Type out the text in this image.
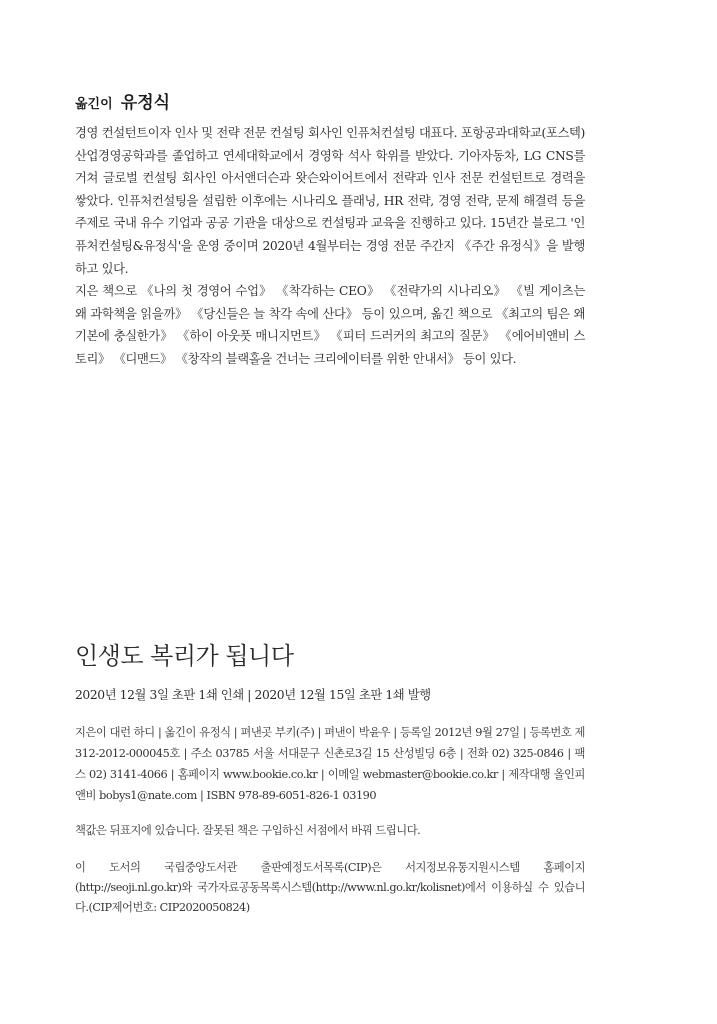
옮긴이 유정식

경영 컨설턴트이자 인사 및 전략 전문 컨설팅 회사인 인퓨처컨설팅 대표다. 포항공과대학교(포스텍) 산업경영공학과를 졸업하고 연세대학교에서 경영학 석사 학위를 받았다. 기아자동차, LG CNS를 거쳐 글로벌 컨설팅 회사인 아서앤더슨과 왓슨와이어트에서 전략과 인사 전문 컨설턴트로 경력을 쌓았다. 인퓨처컨설팅을 설립한 이후에는 시나리오 플래닝, HR 전략, 경영 전략, 문제 해결력 등을 주제로 국내 유수 기업과 공공 기관을 대상으로 컨설팅과 교육을 진행하고 있다. 15년간 블로그 '인퓨처컨설팅&유정식'을 운영 중이며 2020년 4월부터는 경영 전문 주간지 《주간 유정식》을 발행하고 있다.

지은 책으로 《나의 첫 경영어 수업》 《착각하는 CEO》 《전략가의 시나리오》 《빌 게이츠는 왜 과학책을 읽을까》 《당신들은 늘 착각 속에 산다》 등이 있으며, 옮긴 책으로 《최고의 팀은 왜 기본에 충실한가》 《하이 아웃풋 매니지먼트》 《피터 드러커의 최고의 질문》 《에어비앤비 스토리》 《디맨드》 《창작의 블랙홀을 건너는 크리에이터를 위한 안내서》 등이 있다.

인생도 복리가 됩니다

2020년 12월 3일 초판 1쇄 인쇄 | 2020년 12월 15일 초판 1쇄 발행

지은이 대런 하디 | 옮긴이 유정식 | 펴낸곳 부키(주) | 펴낸이 박윤우 | 등록일 2012년 9월 27일 | 등록번호 제312-2012-000045호 | 주소 03785 서울 서대문구 신촌로3길 15 산성빌딩 6층 | 전화 02) 325-0846 | 팩스 02) 3141-4066 | 홈페이지 www.bookie.co.kr | 이메일 webmaster@bookie.co.kr | 제작대행 올인피앤비 bobys1@nate.com | ISBN 978-89-6051-826-1 03190

책값은 뒤표지에 있습니다. 잘못된 책은 구입하신 서점에서 바꿔 드립니다.

이 도서의 국립중앙도서관 출판예정도서목록(CIP)은 서지정보유통지원시스템 홈페이지(http://seoji.nl.go.kr)와 국가자료공동목록시스템(http://www.nl.go.kr/kolisnet)에서 이용하실 수 있습니다.(CIP제어번호: CIP2020050824)
